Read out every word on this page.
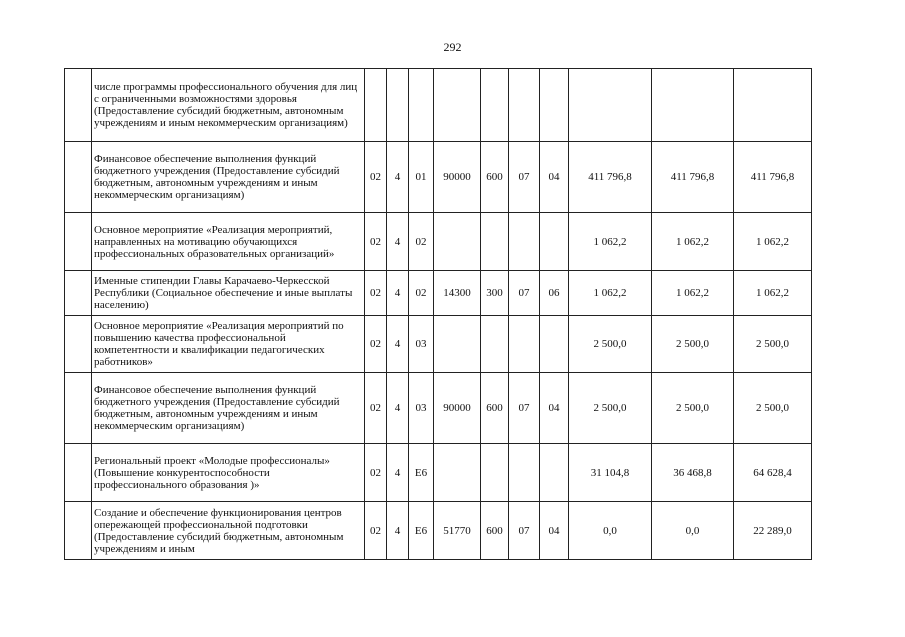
292
	числе программы профессионального обучения для лиц с ограниченными возможностями здоровья (Предоставление субсидий бюджетным, автономным учреждениям и иным некоммерческим организациям)										
	Финансовое обеспечение выполнения функций бюджетного учреждения (Предоставление субсидий бюджетным, автономным учреждениям и иным некоммерческим организациям)	02	4	01	90000	600	07	04	411 796,8	411 796,8	411 796,8
	Основное мероприятие «Реализация мероприятий, направленных на мотивацию обучающихся профессиональных образовательных организаций»	02	4	02					1 062,2	1 062,2	1 062,2
	Именные стипендии Главы Карачаево-Черкесской Республики (Социальное обеспечение и иные выплаты населению)	02	4	02	14300	300	07	06	1 062,2	1 062,2	1 062,2
	Основное мероприятие «Реализация мероприятий по повышению качества профессиональной компетентности и квалификации педагогических работников»	02	4	03					2 500,0	2 500,0	2 500,0
	Финансовое обеспечение выполнения функций бюджетного учреждения (Предоставление субсидий бюджетным, автономным учреждениям и иным некоммерческим организациям)	02	4	03	90000	600	07	04	2 500,0	2 500,0	2 500,0
	Региональный проект «Молодые профессионалы» (Повышение конкурентоспособности профессионального образования )»	02	4	Е6					31 104,8	36 468,8	64 628,4
	Создание и обеспечение функционирования центров опережающей профессиональной подготовки (Предоставление субсидий бюджетным, автономным учреждениям и иным	02	4	Е6	51770	600	07	04	0,0	0,0	22 289,0
